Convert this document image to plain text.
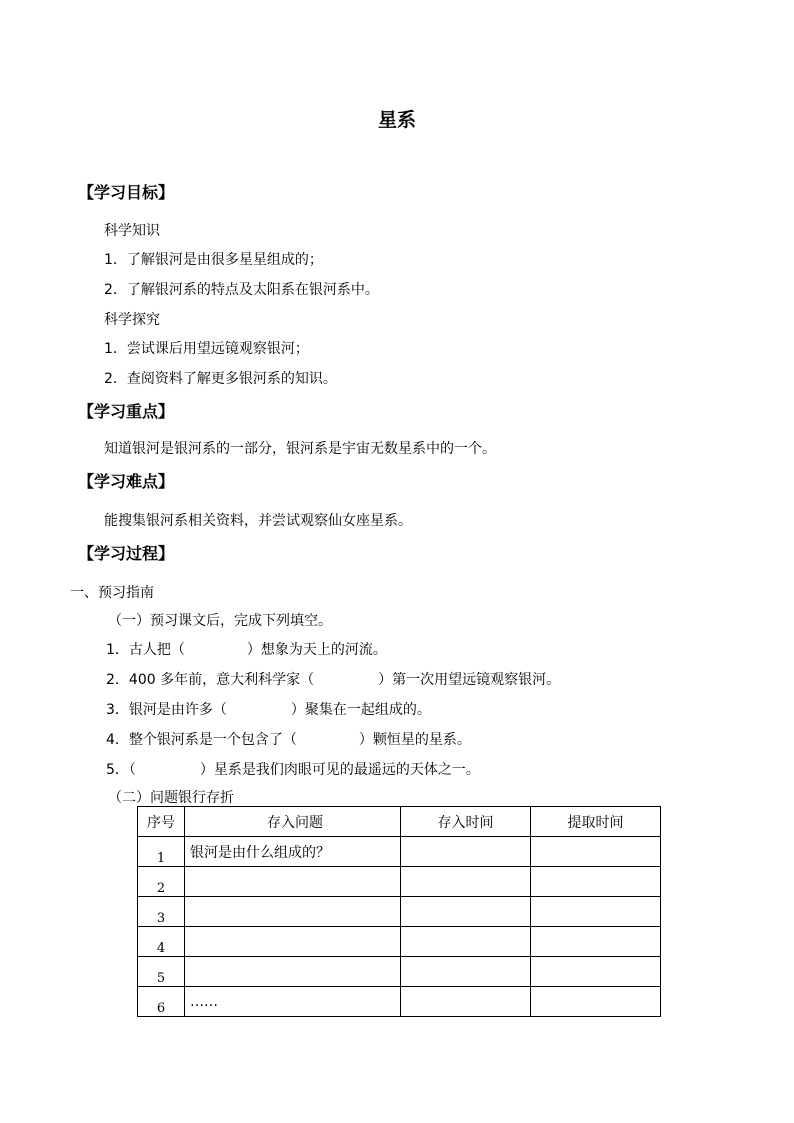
星系
【学习目标】
科学知识
1．了解银河是由很多星星组成的；
2．了解银河系的特点及太阳系在银河系中。
科学探究
1．尝试课后用望远镜观察银河；
2．查阅资料了解更多银河系的知识。
【学习重点】
知道银河是银河系的一部分，银河系是宇宙无数星系中的一个。
【学习难点】
能搜集银河系相关资料，并尝试观察仙女座星系。
【学习过程】
一、预习指南
（一）预习课文后，完成下列填空。
1．古人把（	）想象为天上的河流。
2．400 多年前，意大利科学家（	）第一次用望远镜观察银河。
3．银河是由许多（	）聚集在一起组成的。
4．整个银河系是一个包含了（	）颗恒星的星系。
5．（	）星系是我们肉眼可见的最遥远的天体之一。
（二）问题银行存折
序号	存入问题	存入时间	提取时间
1	银河是由什么组成的？		
2			
3			
4			
5			
6	……		
